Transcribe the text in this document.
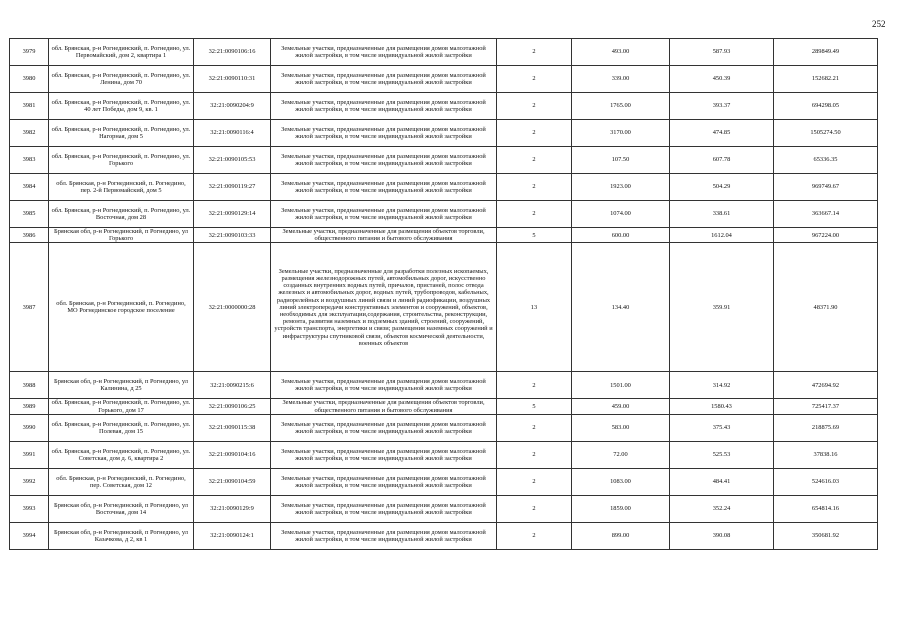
252
3979	обл. Брянская, р-н Рогнединский, п. Рогнедино, ул. Первомайский, дом 2, квартира 1	32:21:0090106:16	Земельные участки, предназначенные для размещения домов малоэтажной жилой застройки, в том числе индивидуальной жилой застройки	2	493.00	587.93	289849.49
3980	обл. Брянская, р-н Рогнединский, п. Рогнедино, ул. Ленина, дом 70	32:21:0090110:31	Земельные участки, предназначенные для размещения домов малоэтажной жилой застройки, в том числе индивидуальной жилой застройки	2	339.00	450.39	152682.21
3981	обл. Брянская, р-н Рогнединский, п. Рогнедино, ул. 40 лет Победы, дом 9, кв. 1	32:21:0090204:9	Земельные участки, предназначенные для размещения домов малоэтажной жилой застройки, в том числе индивидуальной жилой застройки	2	1765.00	393.37	694298.05
3982	обл. Брянская, р-н Рогнединский, п. Рогнедино, ул. Нагорная, дом 5	32:21:0090116:4	Земельные участки, предназначенные для размещения домов малоэтажной жилой застройки, в том числе индивидуальной жилой застройки	2	3170.00	474.85	1505274.50
3983	обл. Брянская, р-н Рогнединский, п. Рогнедино, ул. Горького	32:21:0090105:53	Земельные участки, предназначенные для размещения домов малоэтажной жилой застройки, в том числе индивидуальной жилой застройки	2	107.50	607.78	65336.35
3984	обл. Брянская, р-н Рогнединский, п. Рогнедино, пер. 2-й Первомайский, дом 5	32:21:0090119:27	Земельные участки, предназначенные для размещения домов малоэтажной жилой застройки, в том числе индивидуальной жилой застройки	2	1923.00	504.29	969749.67
3985	обл. Брянская, р-н Рогнединский, п. Рогнедино, ул. Восточная, дом 28	32:21:0090129:14	Земельные участки, предназначенные для размещения домов малоэтажной жилой застройки, в том числе индивидуальной жилой застройки	2	1074.00	338.61	363667.14
3986	Брянская обл, р-н Рогнединский, п Рогнедино, ул Горького	32:21:0090103:33	Земельные участки, предназначенные для размещения объектов торговли, общественного питания и бытового обслуживания	5	600.00	1612.04	967224.00
3987	обл. Брянская, р-н Рогнединский, п. Рогнедино, МО Рогнединское городское поселение	32:21:0000000:28	Земельные участки, предназначенные для разработки полезных ископаемых, размещения железнодорожных путей, автомобильных дорог, искусственно созданных внутренних водных путей, причалов, пристаней, полос отвода железных и автомобильных дорог, водных путей, трубопроводов, кабельных, радиорелейных и воздушных линий связи и линий радиофикации, воздушных линий электропередачи конструктивных элементов и сооружений, объектов, необходимых для эксплуатации,содержания, строительства, реконструкции, ремонта, развития наземных и подземных зданий, строений, сооружений, устройств транспорта, энергетики и связи; размещения наземных сооружений и инфраструктуры спутниковой связи, объектов космической деятельности, военных объектов	13	134.40	359.91	48371.90
3988	Брянская обл, р-н Рогнединский, п Рогнедино, ул Калинина, д 25	32:21:0090215:6	Земельные участки, предназначенные для размещения домов малоэтажной жилой застройки, в том числе индивидуальной жилой застройки	2	1501.00	314.92	472694.92
3989	обл. Брянская, р-н Рогнединский, п. Рогнедино, ул. Горького, дом 17	32:21:0090106:25	Земельные участки, предназначенные для размещения объектов торговли, общественного питания и бытового обслуживания	5	459.00	1580.43	725417.37
3990	обл. Брянская, р-н Рогнединский, п. Рогнедино, ул. Полевая, дом 15	32:21:0090115:38	Земельные участки, предназначенные для размещения домов малоэтажной жилой застройки, в том числе индивидуальной жилой застройки	2	583.00	375.43	218875.69
3991	обл. Брянская, р-н Рогнединский, п. Рогнедино, ул. Советская, дом д. 6, квартира 2	32:21:0090104:16	Земельные участки, предназначенные для размещения домов малоэтажной жилой застройки, в том числе индивидуальной жилой застройки	2	72.00	525.53	37838.16
3992	обл. Брянская, р-н Рогнединский, п. Рогнедино, пер. Советская, дом 12	32:21:0090104:59	Земельные участки, предназначенные для размещения домов малоэтажной жилой застройки, в том числе индивидуальной жилой застройки	2	1083.00	484.41	524616.03
3993	Брянская обл, р-н Рогнединский, п Рогнедино, ул Восточная, дом 14	32:21:0090129:9	Земельные участки, предназначенные для размещения домов малоэтажной жилой застройки, в том числе индивидуальной жилой застройки	2	1859.00	352.24	654814.16
3994	Брянская обл, р-н Рогнединский, п Рогнедино, ул Казачкова, д 2, кв 1	32:21:0090124:1	Земельные участки, предназначенные для размещения домов малоэтажной жилой застройки, в том числе индивидуальной жилой застройки	2	899.00	390.08	350681.92
